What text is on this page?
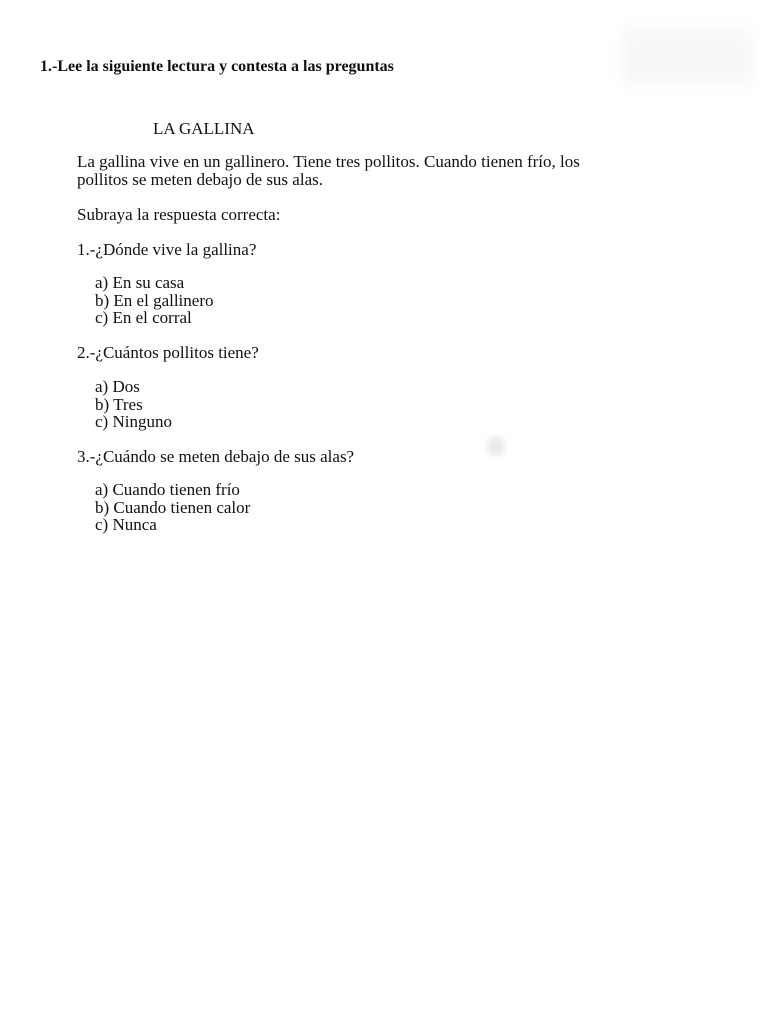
1.-Lee la siguiente lectura y contesta a las preguntas
LA GALLINA
La gallina vive en un gallinero. Tiene tres pollitos. Cuando tienen frío, los
pollitos se meten debajo de sus alas.
Subraya la respuesta correcta:
1.-¿Dónde vive la gallina?
a) En su casa
b) En el gallinero
c) En el corral
2.-¿Cuántos pollitos tiene?
a) Dos
b) Tres
c) Ninguno
3.-¿Cuándo se meten debajo de sus alas?
a) Cuando tienen frío
b) Cuando tienen calor
c) Nunca
